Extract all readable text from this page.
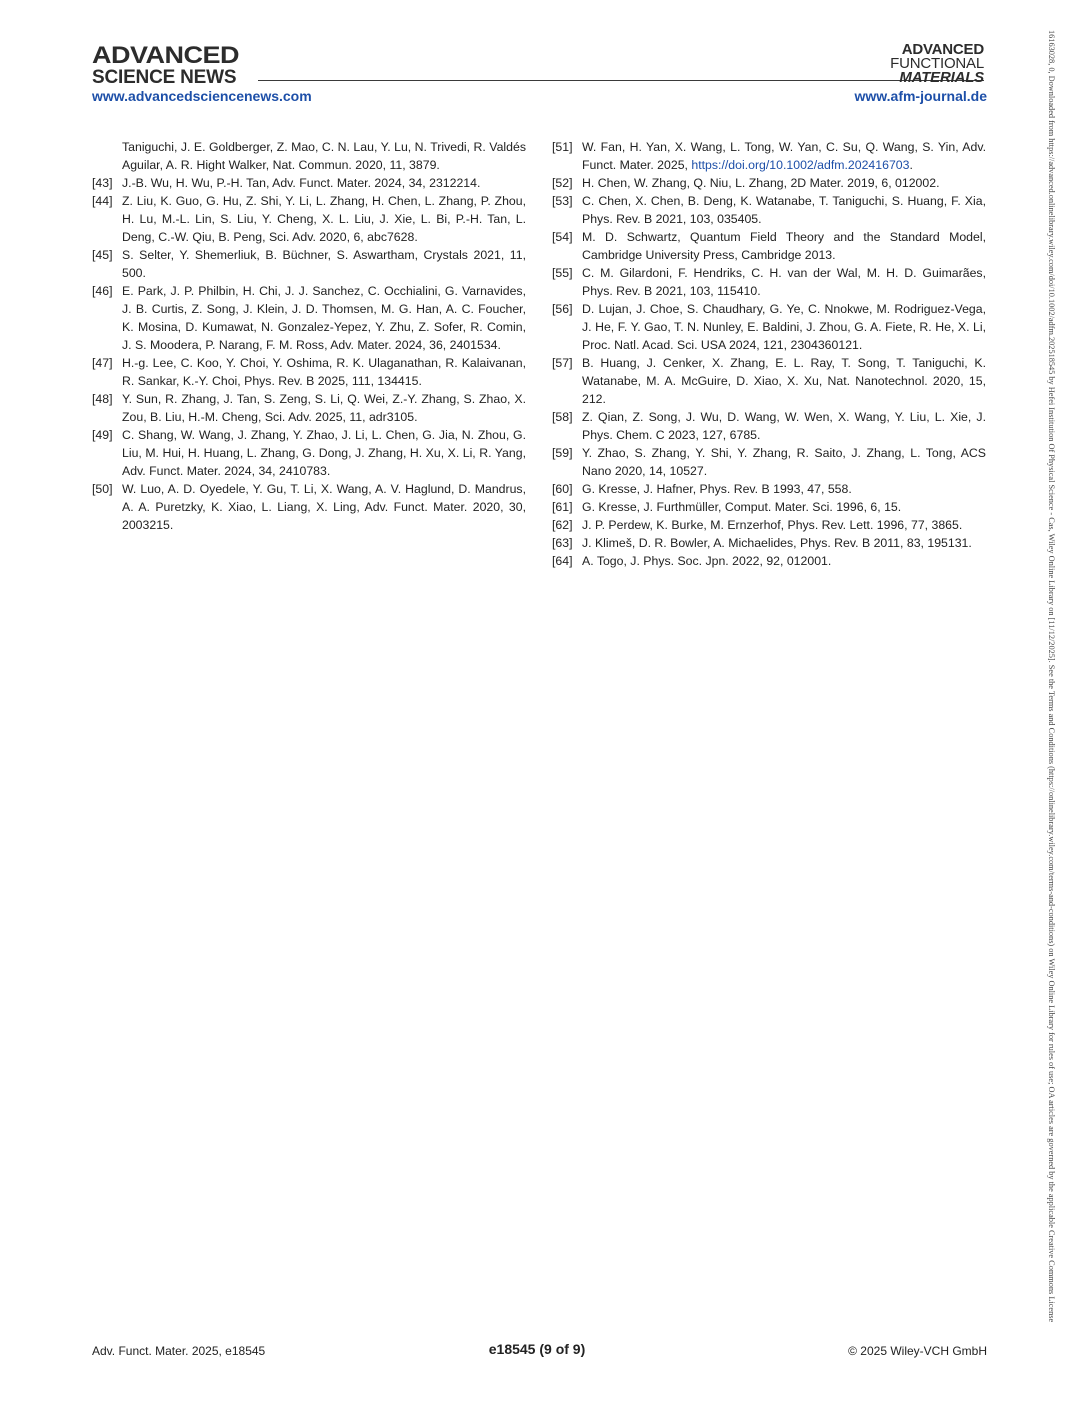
ADVANCED
SCIENCE NEWS
ADVANCED
FUNCTIONAL
MATERIALS
www.advancedsciencenews.com	www.afm-journal.de
Taniguchi, J. E. Goldberger, Z. Mao, C. N. Lau, Y. Lu, N. Trivedi, R. Valdés Aguilar, A. R. Hight Walker, Nat. Commun. 2020, 11, 3879.
[43] J.-B. Wu, H. Wu, P.-H. Tan, Adv. Funct. Mater. 2024, 34, 2312214.
[44] Z. Liu, K. Guo, G. Hu, Z. Shi, Y. Li, L. Zhang, H. Chen, L. Zhang, P. Zhou, H. Lu, M.-L. Lin, S. Liu, Y. Cheng, X. L. Liu, J. Xie, L. Bi, P.-H. Tan, L. Deng, C.-W. Qiu, B. Peng, Sci. Adv. 2020, 6, abc7628.
[45] S. Selter, Y. Shemerliuk, B. Büchner, S. Aswartham, Crystals 2021, 11, 500.
[46] E. Park, J. P. Philbin, H. Chi, J. J. Sanchez, C. Occhialini, G. Varnavides, J. B. Curtis, Z. Song, J. Klein, J. D. Thomsen, M. G. Han, A. C. Foucher, K. Mosina, D. Kumawat, N. Gonzalez-Yepez, Y. Zhu, Z. Sofer, R. Comin, J. S. Moodera, P. Narang, F. M. Ross, Adv. Mater. 2024, 36, 2401534.
[47] H.-g. Lee, C. Koo, Y. Choi, Y. Oshima, R. K. Ulaganathan, R. Kalaivanan, R. Sankar, K.-Y. Choi, Phys. Rev. B 2025, 111, 134415.
[48] Y. Sun, R. Zhang, J. Tan, S. Zeng, S. Li, Q. Wei, Z.-Y. Zhang, S. Zhao, X. Zou, B. Liu, H.-M. Cheng, Sci. Adv. 2025, 11, adr3105.
[49] C. Shang, W. Wang, J. Zhang, Y. Zhao, J. Li, L. Chen, G. Jia, N. Zhou, G. Liu, M. Hui, H. Huang, L. Zhang, G. Dong, J. Zhang, H. Xu, X. Li, R. Yang, Adv. Funct. Mater. 2024, 34, 2410783.
[50] W. Luo, A. D. Oyedele, Y. Gu, T. Li, X. Wang, A. V. Haglund, D. Mandrus, A. A. Puretzky, K. Xiao, L. Liang, X. Ling, Adv. Funct. Mater. 2020, 30, 2003215.
[51] W. Fan, H. Yan, X. Wang, L. Tong, W. Yan, C. Su, Q. Wang, S. Yin, Adv. Funct. Mater. 2025, https://doi.org/10.1002/adfm.202416703.
[52] H. Chen, W. Zhang, Q. Niu, L. Zhang, 2D Mater. 2019, 6, 012002.
[53] C. Chen, X. Chen, B. Deng, K. Watanabe, T. Taniguchi, S. Huang, F. Xia, Phys. Rev. B 2021, 103, 035405.
[54] M. D. Schwartz, Quantum Field Theory and the Standard Model, Cambridge University Press, Cambridge 2013.
[55] C. M. Gilardoni, F. Hendriks, C. H. van der Wal, M. H. D. Guimarães, Phys. Rev. B 2021, 103, 115410.
[56] D. Lujan, J. Choe, S. Chaudhary, G. Ye, C. Nnokwe, M. Rodriguez-Vega, J. He, F. Y. Gao, T. N. Nunley, E. Baldini, J. Zhou, G. A. Fiete, R. He, X. Li, Proc. Natl. Acad. Sci. USA 2024, 121, 2304360121.
[57] B. Huang, J. Cenker, X. Zhang, E. L. Ray, T. Song, T. Taniguchi, K. Watanabe, M. A. McGuire, D. Xiao, X. Xu, Nat. Nanotechnol. 2020, 15, 212.
[58] Z. Qian, Z. Song, J. Wu, D. Wang, W. Wen, X. Wang, Y. Liu, L. Xie, J. Phys. Chem. C 2023, 127, 6785.
[59] Y. Zhao, S. Zhang, Y. Shi, Y. Zhang, R. Saito, J. Zhang, L. Tong, ACS Nano 2020, 14, 10527.
[60] G. Kresse, J. Hafner, Phys. Rev. B 1993, 47, 558.
[61] G. Kresse, J. Furthmüller, Comput. Mater. Sci. 1996, 6, 15.
[62] J. P. Perdew, K. Burke, M. Ernzerhof, Phys. Rev. Lett. 1996, 77, 3865.
[63] J. Klimeš, D. R. Bowler, A. Michaelides, Phys. Rev. B 2011, 83, 195131.
[64] A. Togo, J. Phys. Soc. Jpn. 2022, 92, 012001.
Adv. Funct. Mater. 2025, e18545	e18545 (9 of 9)	© 2025 Wiley-VCH GmbH
16163028, 0, Downloaded from https://advanced.onlinelibrary.wiley.com/doi/10.1002/adfm.202518545 by Hefei Institution Of Physical Science - Cas, Wiley Online Library on [11/12/2025]. See the Terms and Conditions (https://onlinelibrary.wiley.com/terms-and-conditions) on Wiley Online Library for rules of use; OA articles are governed by the applicable Creative Commons License
